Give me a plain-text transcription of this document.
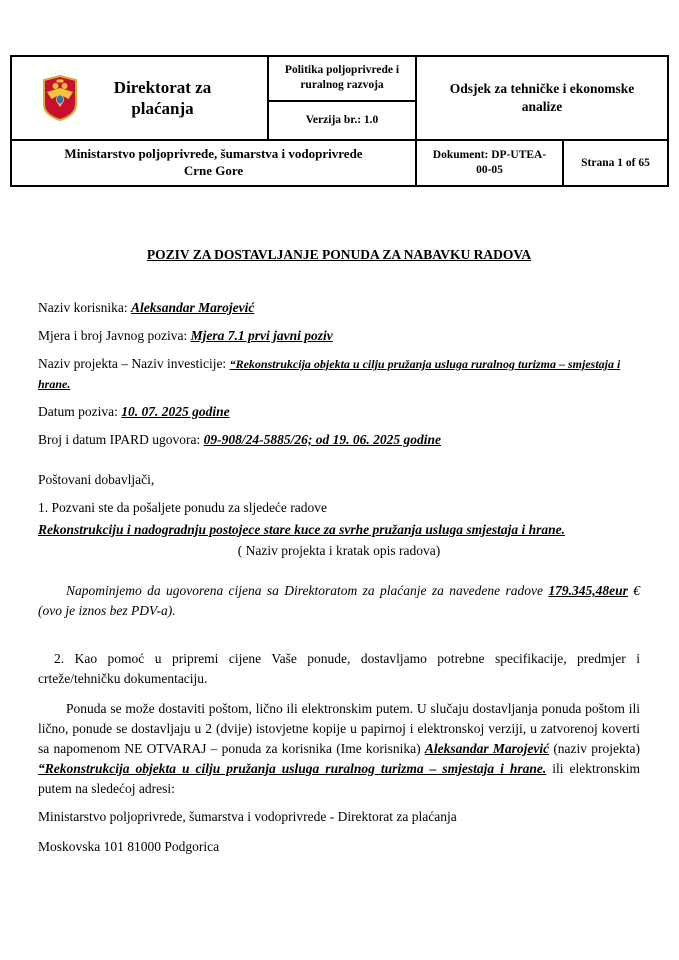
Direktorat za plaćanja
Politika poljoprivrede i ruralnog razvoja
Verzija br.: 1.0
Odsjek za tehničke i ekonomske analize
Ministarstvo poljoprivrede, šumarstva i vodoprivrede Crne Gore
Dokument: DP-UTEA-00-05
Strana 1 of 65
POZIV ZA DOSTAVLJANJE PONUDA ZA NABAVKU RADOVA

Naziv korisnika: Aleksandar Marojević

Mjera i broj Javnog poziva: Mjera 7.1 prvi javni poziv

Naziv projekta – Naziv investicije: “Rekonstrukcija objekta u cilju pružanja usluga ruralnog turizma – smjestaja i hrane.

Datum poziva: 10. 07. 2025 godine

Broj i datum IPARD ugovora: 09-908/24-5885/26; od 19. 06. 2025 godine

Poštovani dobavljači,

1. Pozvani ste da pošaljete ponudu za sljedeće radove

Rekonstrukciju i nadogradnju postojece stare kuce za svrhe pružanja usluga smjestaja i hrane.

( Naziv projekta i kratak opis radova)

Napominjemo da ugovorena cijena sa Direktoratom za plaćanje za navedene radove 179.345,48eur € (ovo je iznos bez PDV-a).

2. Kao pomoć u pripremi cijene Vaše ponude, dostavljamo potrebne specifikacije, predmjer i crteže/tehničku dokumentaciju.

Ponuda se može dostaviti poštom, lično ili elektronskim putem. U slučaju dostavljanja ponuda poštom ili lično, ponude se dostavljaju u 2 (dvije) istovjetne kopije u papirnoj i elektronskoj verziji, u zatvorenoj koverti sa napomenom NE OTVARAJ – ponuda za korisnika (Ime korisnika) Aleksandar Marojević (naziv projekta) “Rekonstrukcija objekta u cilju pružanja usluga ruralnog turizma – smjestaja i hrane. ili elektronskim putem na sledećoj adresi:

Ministarstvo poljoprivrede, šumarstva i vodoprivrede - Direktorat za plaćanja

Moskovska 101 81000 Podgorica
